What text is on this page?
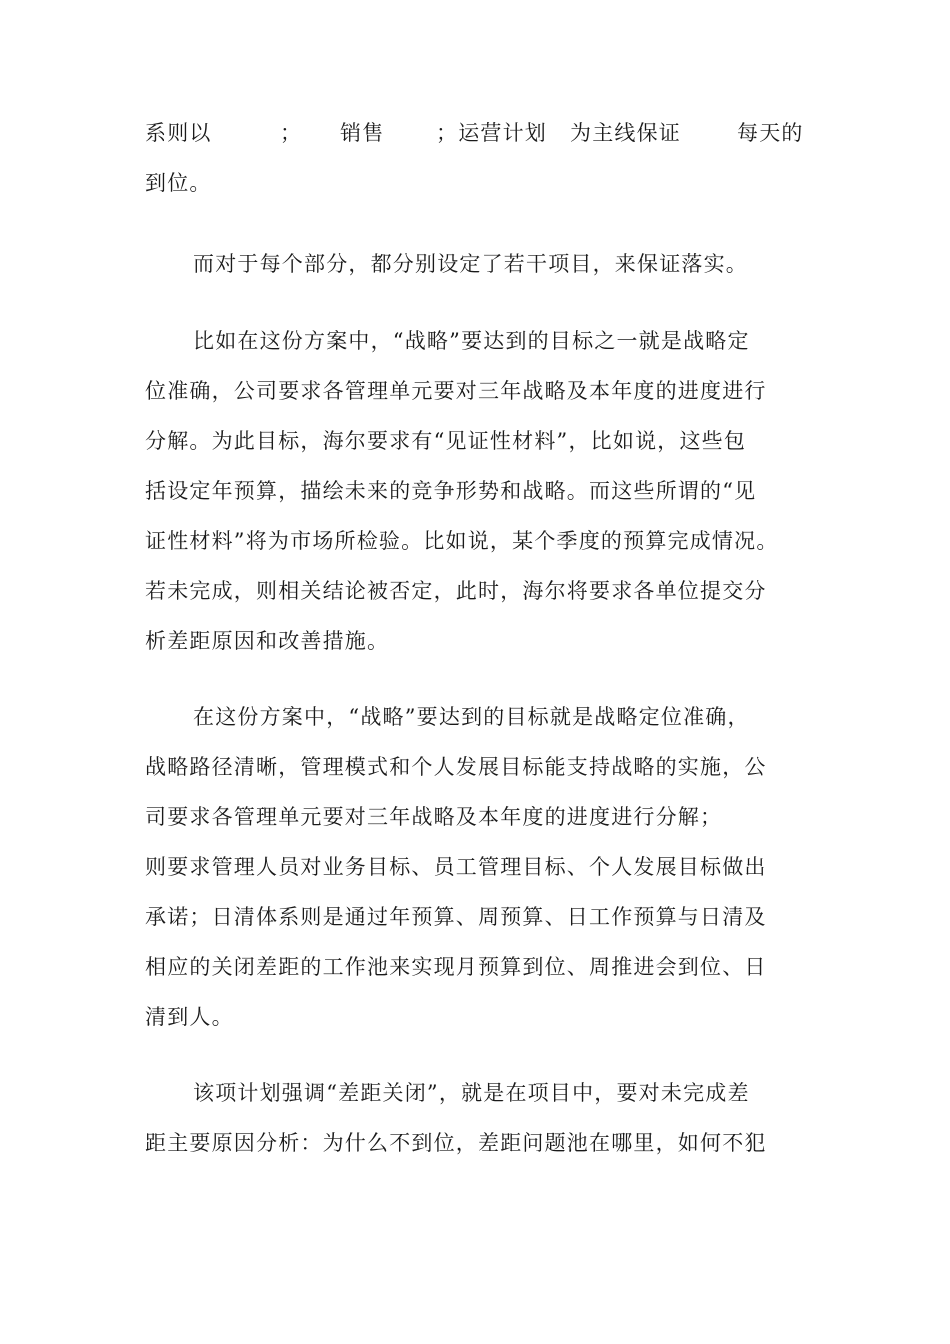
系则以	； 销售 ；运营计划 为主线保证	每天的
到位。
而对于每个部分，都分别设定了若干项目，来保证落实。
比如在这份方案中，“战略”要达到的目标之一就是战略定
位准确，公司要求各管理单元要对三年战略及本年度的进度进行
分解。为此目标，海尔要求有“见证性材料”，比如说，这些包
括设定年预算，描绘未来的竞争形势和战略。而这些所谓的“见
证性材料”将为市场所检验。比如说，某个季度的预算完成情况。
若未完成，则相关结论被否定，此时，海尔将要求各单位提交分
析差距原因和改善措施。
在这份方案中，“战略”要达到的目标就是战略定位准确，
战略路径清晰，管理模式和个人发展目标能支持战略的实施，公
司要求各管理单元要对三年战略及本年度的进度进行分解；
则要求管理人员对业务目标、员工管理目标、个人发展目标做出
承诺；日清体系则是通过年预算、周预算、日工作预算与日清及
相应的关闭差距的工作池来实现月预算到位、周推进会到位、日
清到人。
该项计划强调“差距关闭”，就是在项目中，要对未完成差
距主要原因分析：为什么不到位，差距问题池在哪里，如何不犯
